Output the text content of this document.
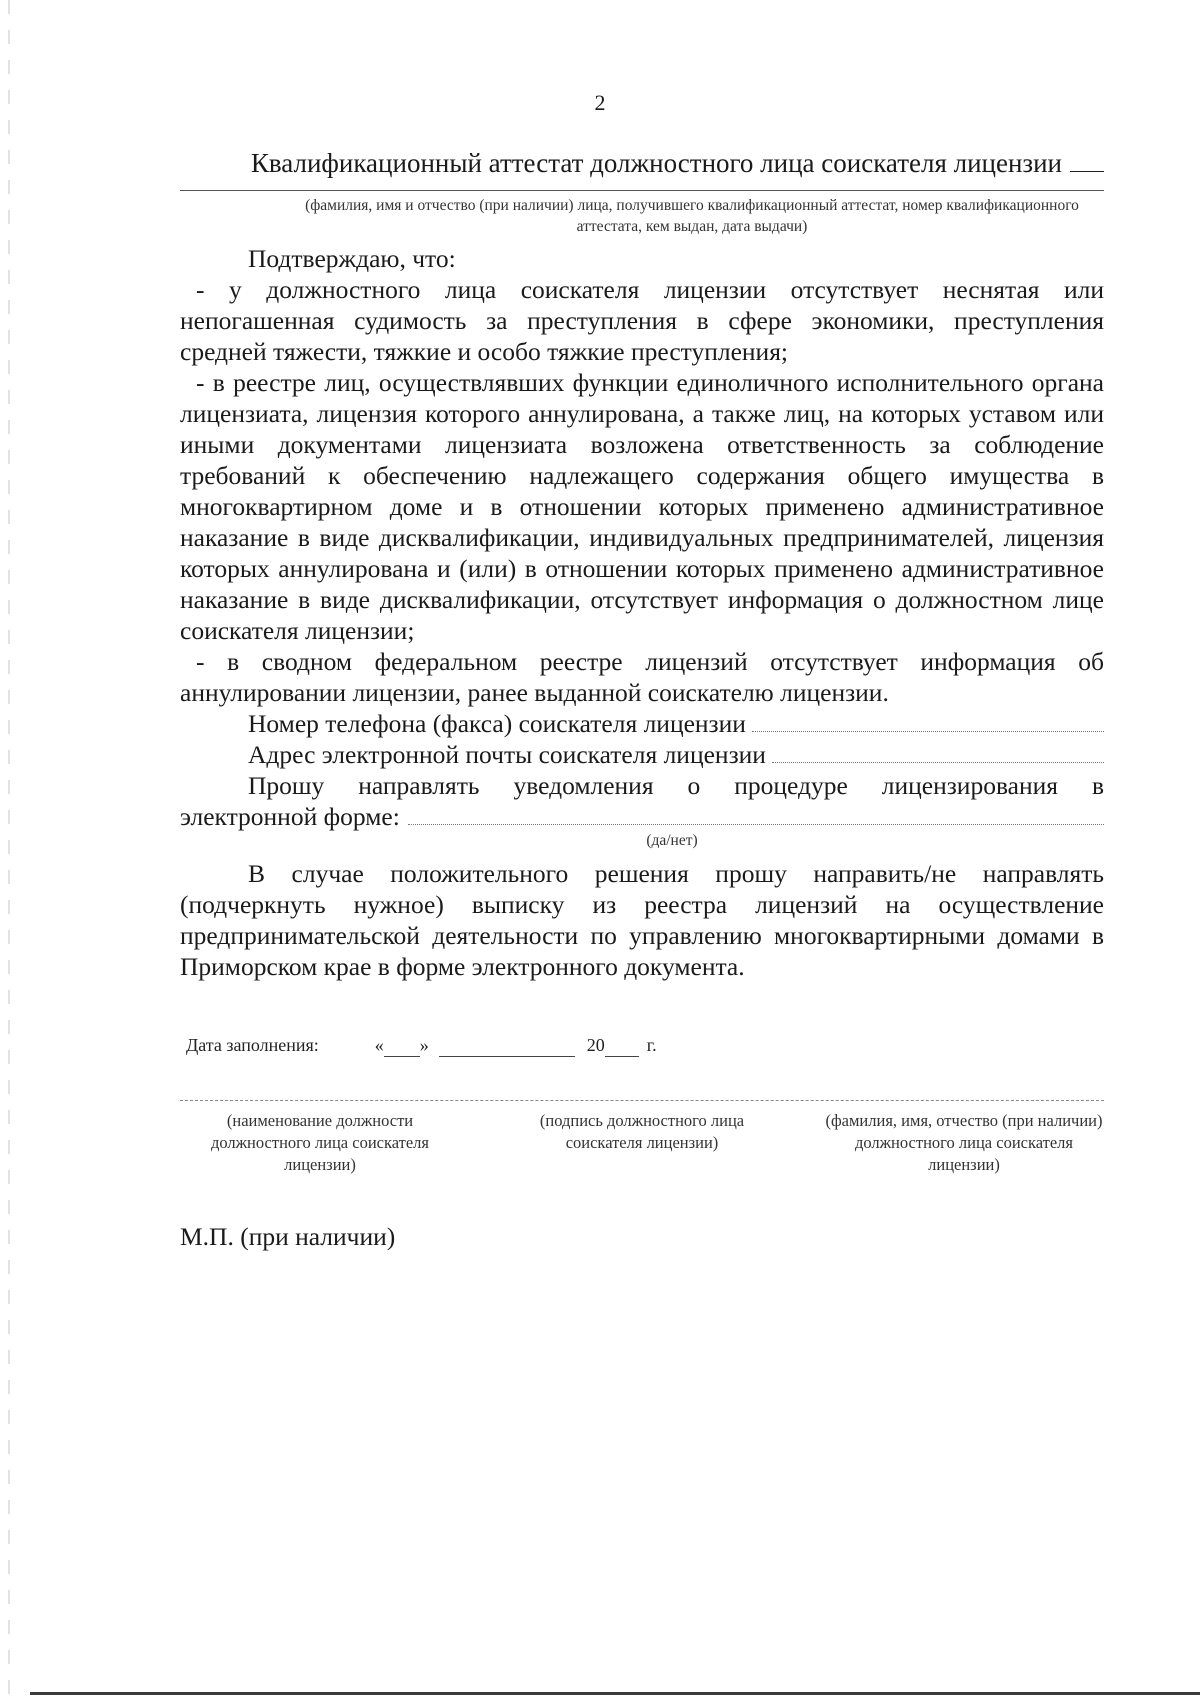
2
Квалификационный аттестат должностного лица соискателя лицензии
(фамилия, имя и отчество (при наличии) лица, получившего квалификационный аттестат, номер квалификационного аттестата, кем выдан, дата выдачи)

Подтверждаю, что:

- у должностного лица соискателя лицензии отсутствует неснятая или непогашенная судимость за преступления в сфере экономики, преступления средней тяжести, тяжкие и особо тяжкие преступления;

- в реестре лиц, осуществлявших функции единоличного исполнительного органа лицензиата, лицензия которого аннулирована, а также лиц, на которых уставом или иными документами лицензиата возложена ответственность за соблюдение требований к обеспечению надлежащего содержания общего имущества в многоквартирном доме и в отношении которых применено административное наказание в виде дисквалификации, индивидуальных предпринимателей, лицензия которых аннулирована и (или) в отношении которых применено административное наказание в виде дисквалификации, отсутствует информация о должностном лице соискателя лицензии;

- в сводном федеральном реестре лицензий отсутствует информация об аннулировании лицензии, ранее выданной соискателю лицензии.

Номер телефона (факса) соискателя лицензии
Адрес электронной почты соискателя лицензии

Прошу направлять уведомления о процедуре лицензирования в

электронной форме:
(да/нет)

В случае положительного решения прошу направить/не направлять (подчеркнуть нужное) выписку из реестра лицензий на осуществление предпринимательской деятельности по управлению многоквартирными домами в Приморском крае в форме электронного документа.

Дата заполнения:	«
»
	20
г.
(наименование должности должностного лица соискателя лицензии)
(подпись должностного лица соискателя лицензии)
(фамилия, имя, отчество (при наличии) должностного лица соискателя лицензии)
М.П. (при наличии)
